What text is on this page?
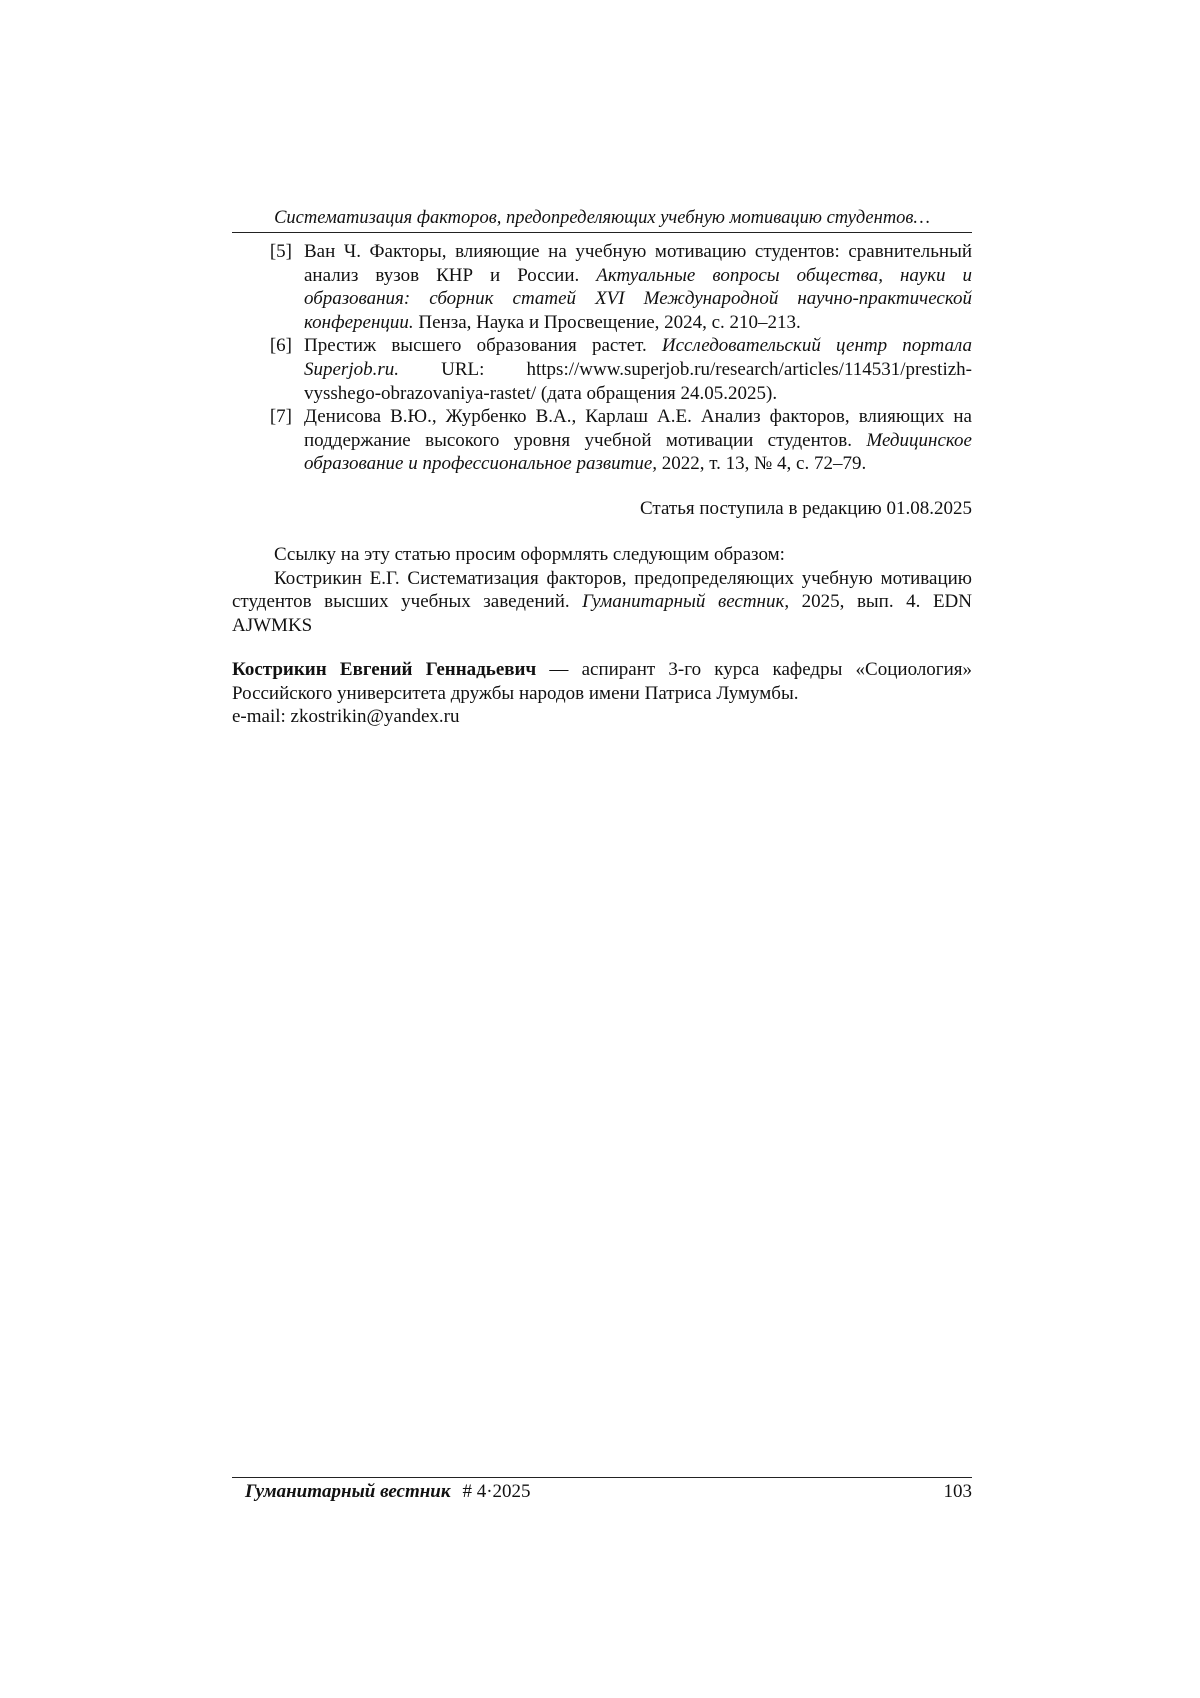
Систематизация факторов, предопределяющих учебную мотивацию студентов…
[5] Ван Ч. Факторы, влияющие на учебную мотивацию студентов: сравнительный анализ вузов КНР и России. Актуальные вопросы общества, науки и образования: сборник статей XVI Международной научно-практической конференции. Пенза, Наука и Просвещение, 2024, с. 210–213.
[6] Престиж высшего образования растет. Исследовательский центр портала Superjob.ru. URL: https://www.superjob.ru/research/articles/114531/prestizh-vysshego-obrazovaniya-rastet/ (дата обращения 24.05.2025).
[7] Денисова В.Ю., Журбенко В.А., Карлаш А.Е. Анализ факторов, влияющих на поддержание высокого уровня учебной мотивации студентов. Медицинское образование и профессиональное развитие, 2022, т. 13, № 4, с. 72–79.
Статья поступила в редакцию 01.08.2025

Ссылку на эту статью просим оформлять следующим образом:

Кострикин Е.Г. Систематизация факторов, предопределяющих учебную мотивацию студентов высших учебных заведений. Гуманитарный вестник, 2025, вып. 4. EDN AJWMKS

Кострикин Евгений Геннадьевич — аспирант 3-го курса кафедры «Социология» Российского университета дружбы народов имени Патриса Лумумбы.

e-mail: zkostrikin@yandex.ru

Гуманитарный вестник # 4·2025	103
